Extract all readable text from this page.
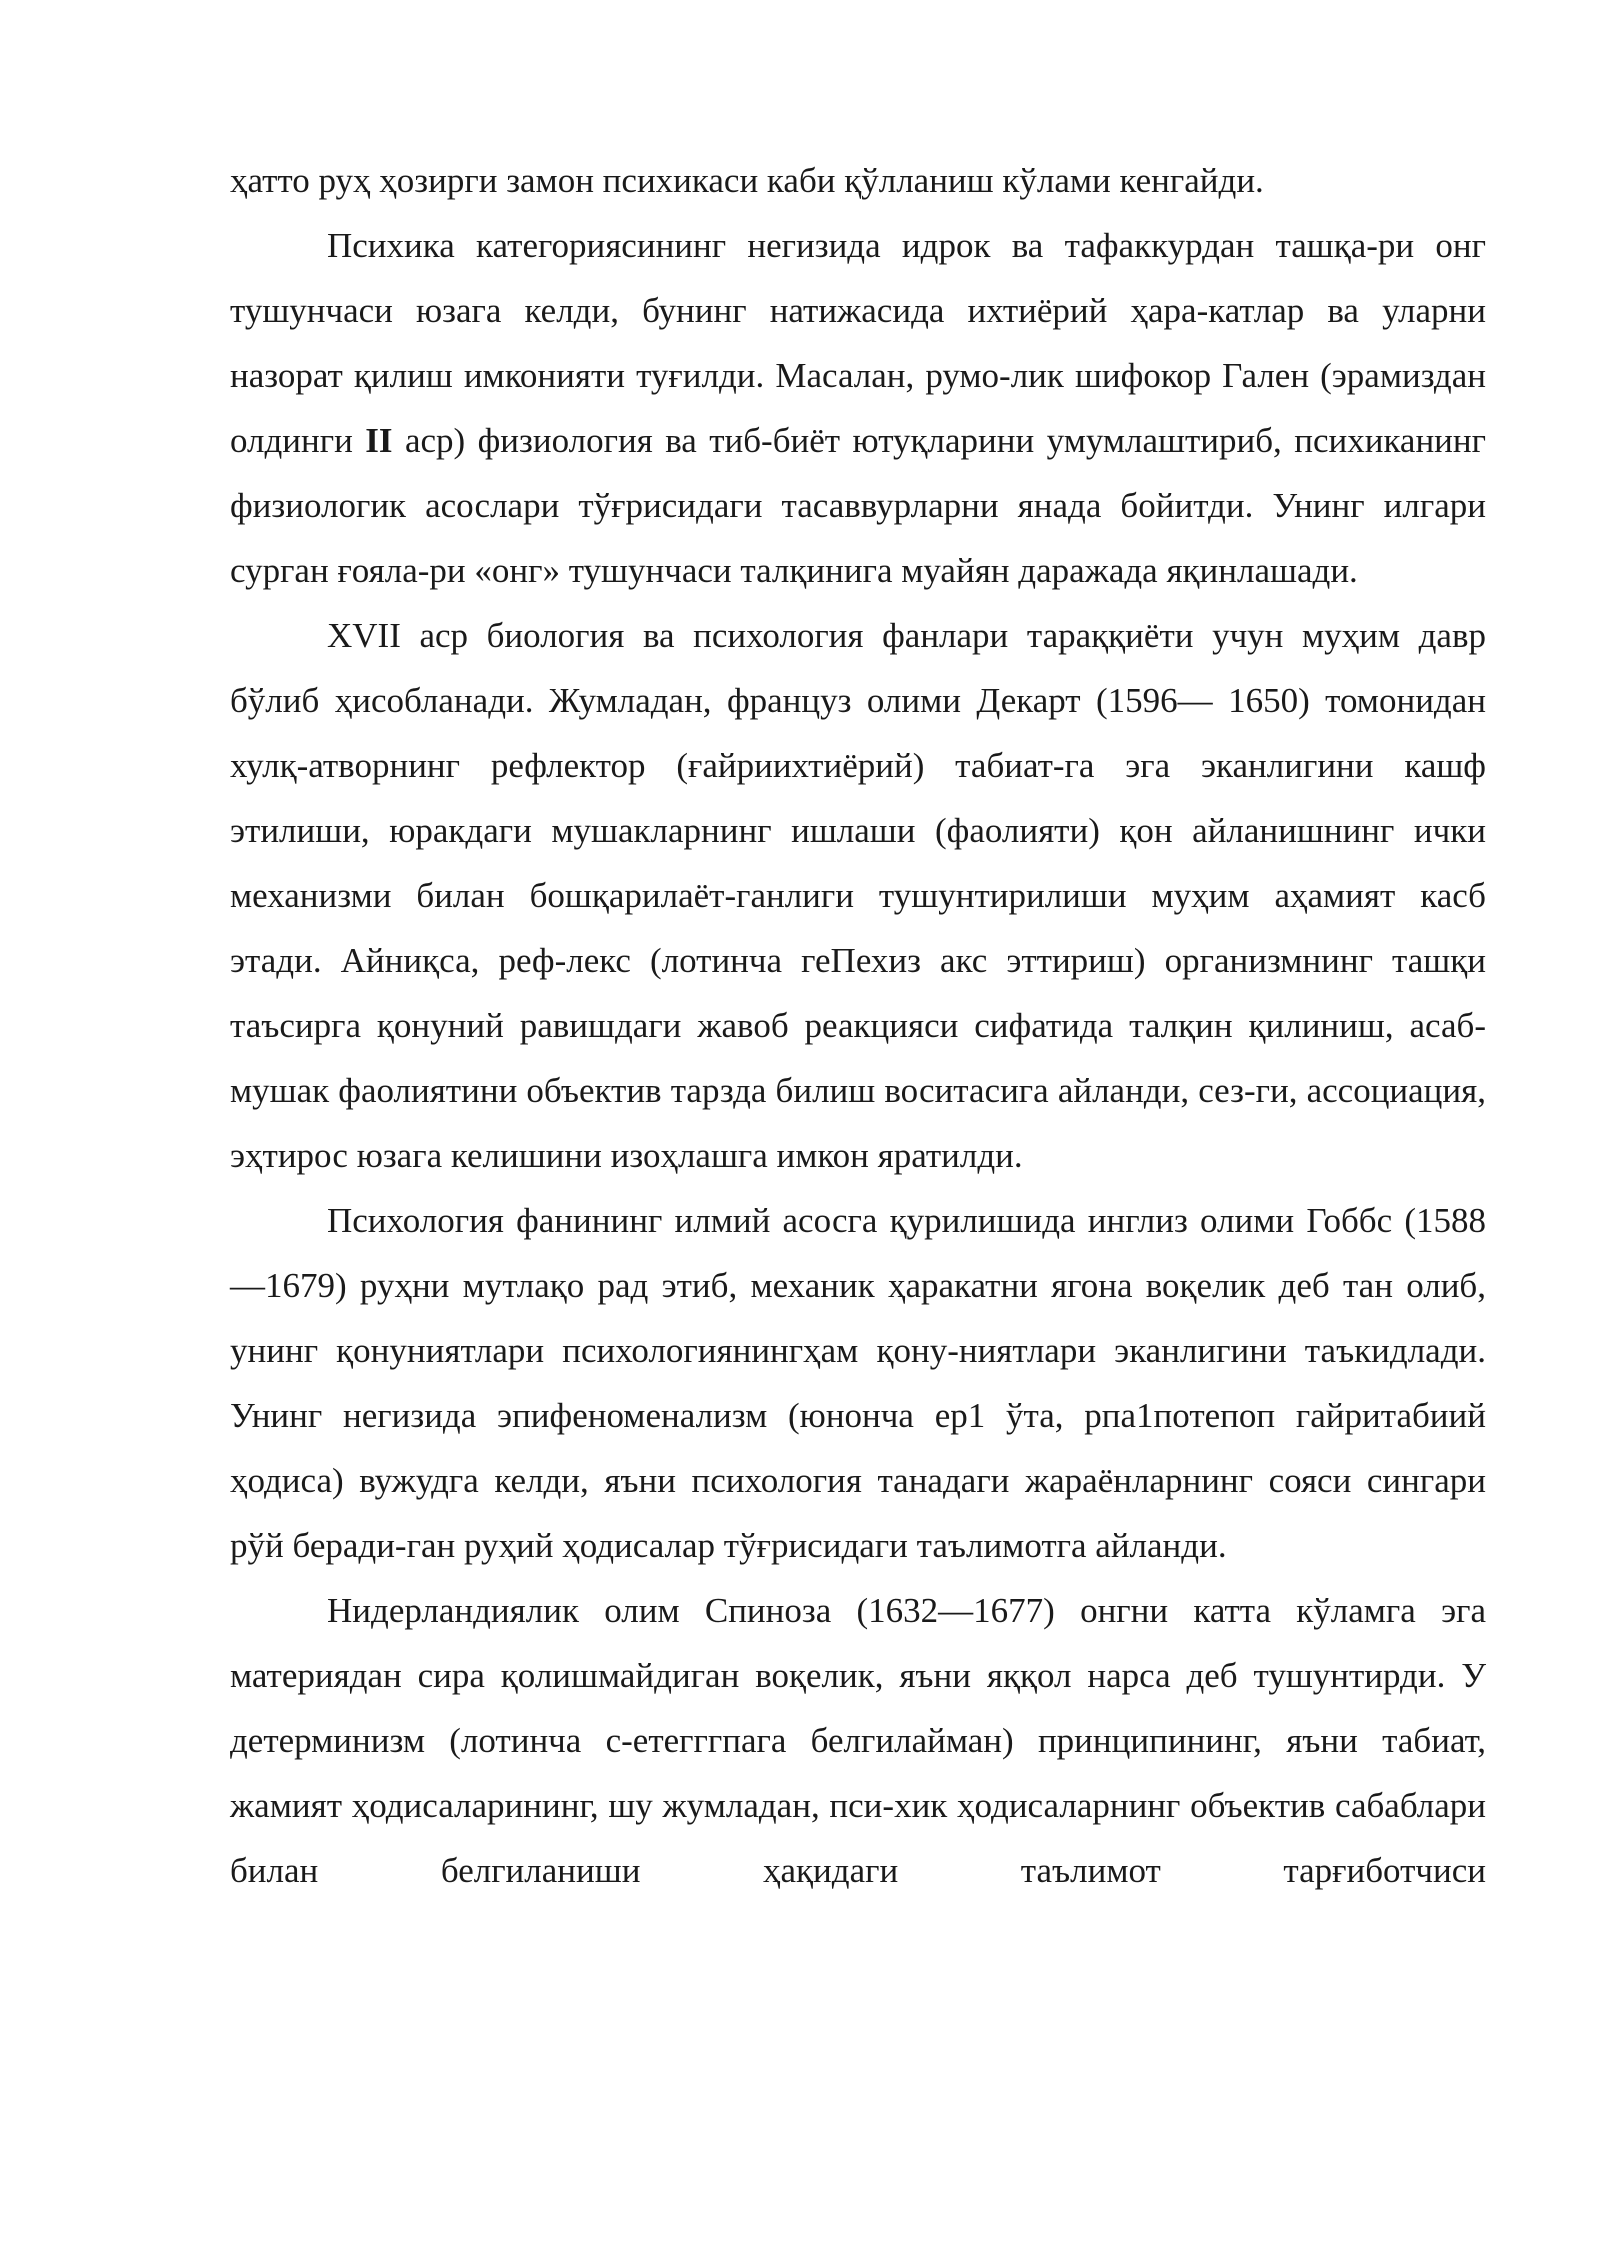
ҳатто руҳ ҳозирги замон психикаси каби қўлланиш кўлами кенгайди.

Психика категориясининг негизида идрок ва тафаккурдан ташқа-ри онг тушунчаси юзага келди, бунинг натижасида ихтиёрий ҳара-катлар ва уларни назорат қилиш имконияти туғилди. Масалан, румо-лик шифокор Гален (эрамиздан олдинги II аср) физиология ва тиб-биёт ютуқларини умумлаштириб, психиканинг физиологик асослари тўғрисидаги тасаввурларни янада бойитди. Унинг илгари сурган ғояла-ри «онг» тушунчаси талқинига муайян даражада яқинлашади.

XVII аср биология ва психология фанлари тараққиёти учун муҳим давр бўлиб ҳисобланади. Жумладан, француз олими Декарт (1596— 1650) томонидан хулқ-атворнинг рефлектор (ғайриихтиёрий) табиат-га эга эканлигини кашф этилиши, юракдаги мушакларнинг ишлаши (фаолияти) қон айланишнинг ички механизми билан бошқарилаёт-ганлиги тушунтирилиши муҳим аҳамият касб этади. Айниқса, реф-лекс (лотинча геПехиз акс эттириш) организмнинг ташқи таъсирга қонуний равишдаги жавоб реакцияси сифатида талқин қилиниш, асаб-мушак фаолиятини объектив тарзда билиш воситасига айланди, сез-ги, ассоциация, эҳтирос юзага келишини изоҳлашга имкон яратилди.

Психология фанининг илмий асосга қурилишида инглиз олими Гоббс (1588—1679) руҳни мутлақо рад этиб, механик ҳаракатни ягона воқелик деб тан олиб, унинг қонуниятлари психологиянингҳам қону-ниятлари эканлигини таъкидлади. Унинг негизида эпифеноменализм (юнонча ер1 ўта, рпа1потепоп гайритабиий ҳодиса) вужудга келди, яъни психология танадаги жараёнларнинг сояси сингари рўй беради-ган руҳий ҳодисалар тўғрисидаги таълимотга айланди.

Нидерландиялик олим Спиноза (1632—1677) онгни катта кўламга эга материядан сира қолишмайдиган воқелик, яъни яққол нарса деб тушунтирди. У детерминизм (лотинча с-етегггпага белгилайман) принципининг, яъни табиат, жамият ҳодисаларининг, шу жумладан, пси-хик ҳодисаларнинг объектив сабаблари билан белгиланиши ҳақидаги таълимот тарғиботчиси
